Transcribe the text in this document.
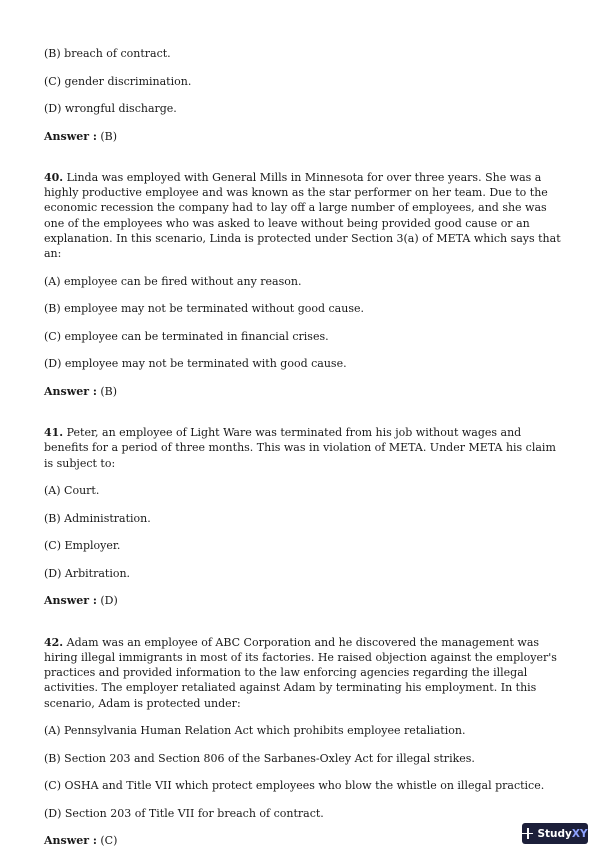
(B) breach of contract.

(C) gender discrimination.

(D) wrongful discharge.

Answer : (B)

40. Linda was employed with General Mills in Minnesota for over three years. She was a highly productive employee and was known as the star performer on her team. Due to the economic recession the company had to lay off a large number of employees, and she was one of the employees who was asked to leave without being provided good cause or an explanation. In this scenario, Linda is protected under Section 3(a) of META which says that an:

(A) employee can be fired without any reason.

(B) employee may not be terminated without good cause.

(C) employee can be terminated in financial crises.

(D) employee may not be terminated with good cause.

Answer : (B)

41. Peter, an employee of Light Ware was terminated from his job without wages and benefits for a period of three months. This was in violation of META. Under META his claim is subject to:

(A) Court.

(B) Administration.

(C) Employer.

(D) Arbitration.

Answer : (D)

42. Adam was an employee of ABC Corporation and he discovered the management was hiring illegal immigrants in most of its factories. He raised objection against the employer's practices and provided information to the law enforcing agencies regarding the illegal activities. The employer retaliated against Adam by terminating his employment. In this scenario, Adam is protected under:

(A) Pennsylvania Human Relation Act which prohibits employee retaliation.

(B) Section 203 and Section 806 of the Sarbanes-Oxley Act for illegal strikes.

(C) OSHA and Title VII which protect employees who blow the whistle on illegal practice.

(D) Section 203 of Title VII for breach of contract.

Answer : (C)

StudyXY
